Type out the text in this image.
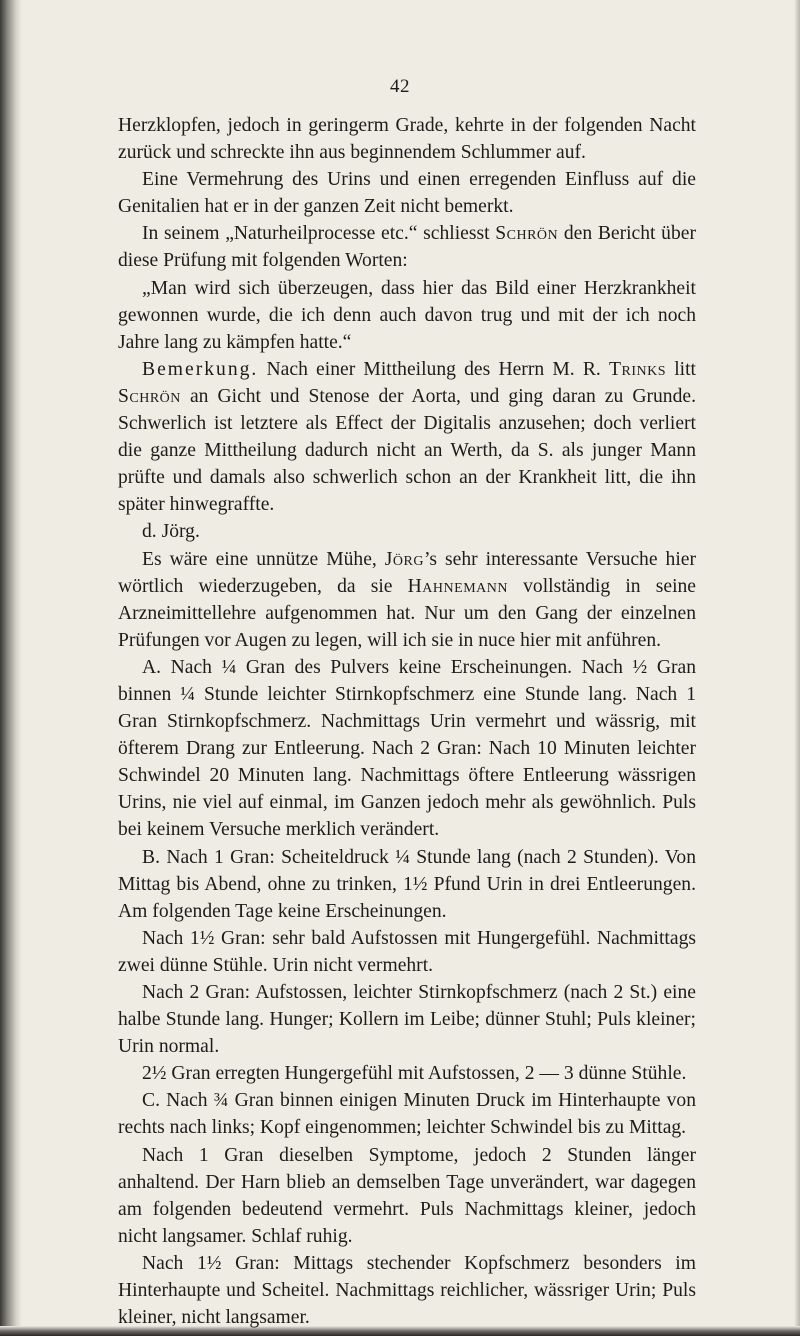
42

Herzklopfen, jedoch in geringerm Grade, kehrte in der folgenden Nacht zurück und schreckte ihn aus beginnendem Schlummer auf.

Eine Vermehrung des Urins und einen erregenden Einfluss auf die Genitalien hat er in der ganzen Zeit nicht bemerkt.

In seinem „Naturheilprocesse etc.“ schliesst Schrön den Bericht über diese Prüfung mit folgenden Worten:

„Man wird sich überzeugen, dass hier das Bild einer Herzkrankheit gewonnen wurde, die ich denn auch davon trug und mit der ich noch Jahre lang zu kämpfen hatte.“

Bemerkung. Nach einer Mittheilung des Herrn M. R. Trinks litt Schrön an Gicht und Stenose der Aorta, und ging daran zu Grunde. Schwerlich ist letztere als Effect der Digitalis anzusehen; doch verliert die ganze Mittheilung dadurch nicht an Werth, da S. als junger Mann prüfte und damals also schwerlich schon an der Krankheit litt, die ihn später hinwegraffte.

d. Jörg.

Es wäre eine unnütze Mühe, Jörg’s sehr interessante Versuche hier wörtlich wiederzugeben, da sie Hahnemann vollständig in seine Arzneimittellehre aufgenommen hat. Nur um den Gang der einzelnen Prüfungen vor Augen zu legen, will ich sie in nuce hier mit anführen.

A. Nach ¼ Gran des Pulvers keine Erscheinungen. Nach ½ Gran binnen ¼ Stunde leichter Stirnkopfschmerz eine Stunde lang. Nach 1 Gran Stirnkopfschmerz. Nachmittags Urin vermehrt und wässrig, mit öfterem Drang zur Entleerung. Nach 2 Gran: Nach 10 Minuten leichter Schwindel 20 Minuten lang. Nachmittags öftere Entleerung wässrigen Urins, nie viel auf einmal, im Ganzen jedoch mehr als gewöhnlich. Puls bei keinem Versuche merklich verändert.

B. Nach 1 Gran: Scheiteldruck ¼ Stunde lang (nach 2 Stunden). Von Mittag bis Abend, ohne zu trinken, 1½ Pfund Urin in drei Entleerungen. Am folgenden Tage keine Erscheinungen.

Nach 1½ Gran: sehr bald Aufstossen mit Hungergefühl. Nachmittags zwei dünne Stühle. Urin nicht vermehrt.

Nach 2 Gran: Aufstossen, leichter Stirnkopfschmerz (nach 2 St.) eine halbe Stunde lang. Hunger; Kollern im Leibe; dünner Stuhl; Puls kleiner; Urin normal.

2½ Gran erregten Hungergefühl mit Aufstossen, 2 — 3 dünne Stühle.

C. Nach ¾ Gran binnen einigen Minuten Druck im Hinterhaupte von rechts nach links; Kopf eingenommen; leichter Schwindel bis zu Mittag.

Nach 1 Gran dieselben Symptome, jedoch 2 Stunden länger anhaltend. Der Harn blieb an demselben Tage unverändert, war dagegen am folgenden bedeutend vermehrt. Puls Nachmittags kleiner, jedoch nicht langsamer. Schlaf ruhig.

Nach 1½ Gran: Mittags stechender Kopfschmerz besonders im Hinterhaupte und Scheitel. Nachmittags reichlicher, wässriger Urin; Puls kleiner, nicht langsamer.
